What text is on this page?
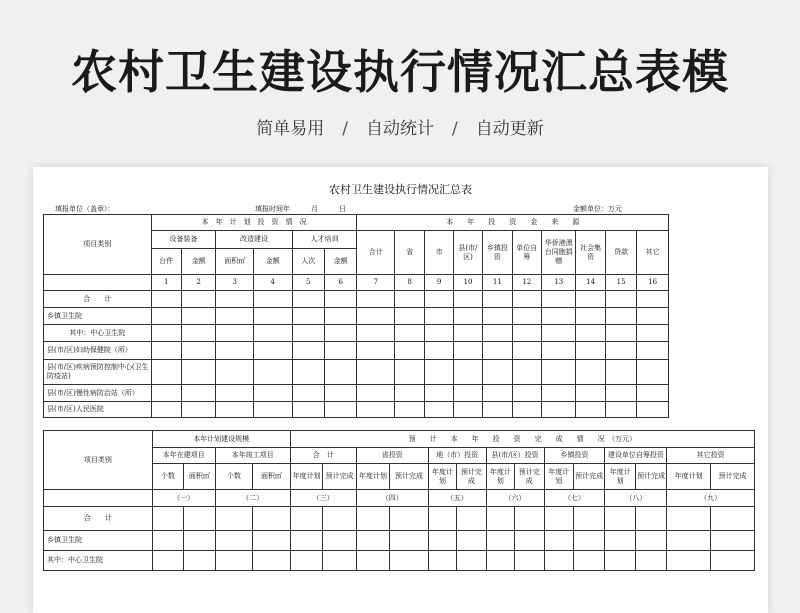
农村卫生建设执行情况汇总表模
简单易用 / 自动统计 / 自动更新
农村卫生建设执行情况汇总表
填报单位（盖章）：	填报时间年　　　月　　　日	金额单位：万元
项目类别	本　年　计　划　投　资　情　况						本　　年　　投　　资　　金　　来　　源									
	设备装备		改造建设		人才培训		合计	省	市	县(市/区)	乡镇投资	单位自筹	华侨港澳台同胞捐赠	社会集资	贷款	其它
	台件	金额	面积㎡	金额	人次	金额										
	1	2	3	4	5	6	7	8	9	10	11	12	13	14	15	16
合　　计																
乡镇卫生院																
其中：中心卫生院																
县(市/区)妇幼保健院（所）																
县(市/区)疾病预防控制中心(卫生防疫站)																
县(市/区)慢性病防治站（所）																
县(市/区)人民医院																
项目类别	本年计划建设规模				预　　计　　本　　年　　投　　资　　完　　成　　情　　况　（万元）													
	本年在建项目		本年竣工项目		合　计		省投资		地（市）投资		县(市/区）投资		乡镇投资		建设单位自筹投资		其它投资	
	个数	面积㎡	个数	面积㎡	年度计划	预计完成	年度计划	预计完成	年度计划	预计完成	年度计划	预计完成	年度计划	预计完成	年度计划	预计完成	年度计划	预计完成
	（一）		（二）		（三）		（四）		（五）		（六）		（七）		（八）		（九）	
合　　计																		
乡镇卫生院																		
其中：中心卫生院																		
